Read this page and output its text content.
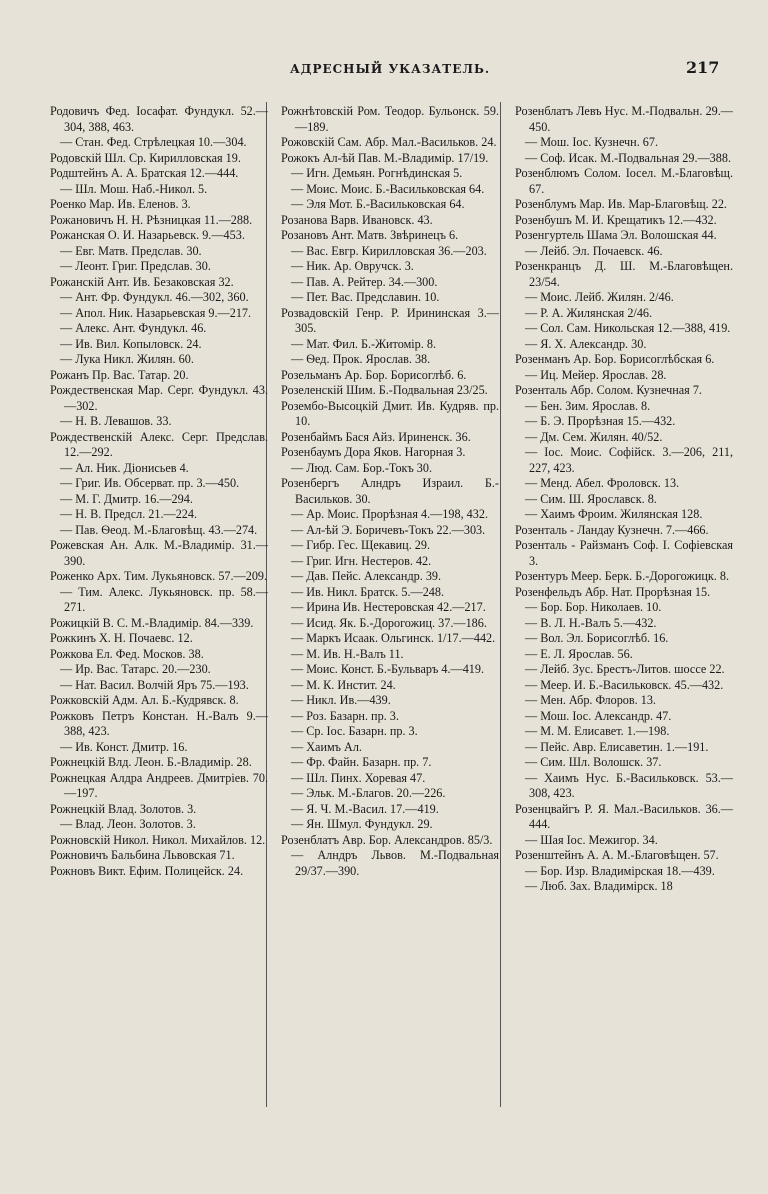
АДРЕСНЫЙ УКАЗАТЕЛЬ.	217
Родовичъ Фед. Iосафат. Фундукл. 52.—304, 388, 463.
— Стан. Фед. Стрѣлецкая 10.—304.
Родовскій Шл. Ср. Кирилловская 19.
Родштейнъ А. А. Братская 12.—444.
— Шл. Мош. Наб.-Никол. 5.
Роенко Мар. Ив. Еленов. 3.
Рожановичъ Н. Н. Рѣзницкая 11.—288.
Рожанская О. И. Назарьевск. 9.—453.
— Евг. Матв. Предслав. 30.
— Леонт. Григ. Предслав. 30.
Рожанскій Ант. Ив. Безаковская 32.
— Ант. Фр. Фундукл. 46.—302, 360.
— Апол. Ник. Назарьевская 9.—217.
— Алекс. Ант. Фундукл. 46.
— Ив. Вил. Копыловск. 24.
— Лука Никл. Жилян. 60.
Рожанъ Пр. Вас. Татар. 20.
Рождественская Мар. Серг. Фундукл. 43.—302.
— Н. В. Левашов. 33.
Рождественскій Алекс. Серг. Предслав. 12.—292.
— Ал. Ник. Діонисьев 4.
— Григ. Ив. Обсерват. пр. 3.—450.
— М. Г. Дмитр. 16.—294.
— Н. В. Предсл. 21.—224.
— Пав. Ѳеод. М.-Благовѣщ. 43.—274.
Рожевская Ан. Алк. М.-Владимір. 31.—390.
Роженко Арх. Тим. Лукьяновск. 57.—209.
— Тим. Алекс. Лукьяновск. пр. 58.—271.
Рожицкій В. С. М.-Владимір. 84.—339.
Рожкинъ Х. Н. Почаевс. 12.
Рожкова Ел. Фед. Москов. 38.
— Ир. Вас. Татарс. 20.—230.
— Нат. Васил. Волчій Яръ 75.—193.
Рожковскій Адм. Ал. Б.-Кудрявск. 8.
Рожковъ Петръ Констан. Н.-Валъ 9.—388, 423.
— Ив. Конст. Дмитр. 16.
Рожнецкій Влд. Леон. Б.-Владимір. 28.
Рожнецкая Алдра Андреев. Дмитріев. 70.—197.
Рожнецкій Влад. Золотов. 3.
— Влад. Леон. Золотов. 3.
Рожновскій Никол. Никол. Михайлов. 12.
Рожновичъ Бальбина Львовская 71.
Рожновъ Викт. Ефим. Полицейск. 24.
Рожнѣтовскій Ром. Теодор. Бульонск. 59.—189.
Рожовскій Сам. Абр. Мал.-Васильков. 24.
Рожокъ Ал-ѣй Пав. М.-Владимір. 17/19.
— Игн. Демьян. Рогнѣдинская 5.
— Моис. Моис. Б.-Васильковская 64.
— Эля Мот. Б.-Васильковская 64.
Розанова Варв. Ивановск. 43.
Розановъ Ант. Матв. Звѣринецъ 6.
— Вас. Евгр. Кирилловская 36.—203.
— Ник. Ар. Овручск. 3.
— Пав. А. Рейтер. 34.—300.
— Пет. Вас. Предславин. 10.
Розвадовскій Генр. Р. Ирининская 3.—305.
— Мат. Фил. Б.-Житомір. 8.
— Ѳед. Прок. Ярослав. 38.
Розельманъ Ар. Бор. Борисоглѣб. 6.
Розеленскій Шим. Б.-Подвальная 23/25.
Розембо-Высоцкій Дмит. Ив. Кудряв. пр. 10.
Розенбаймъ Бася Айз. Ириненск. 36.
Розенбаумъ Дора Яков. Нагорная 3.
— Люд. Сам. Бор.-Токъ 30.
Розенбергъ Алндръ Израил. Б.-Васильков. 30.
— Ар. Моис. Прорѣзная 4.—198, 432.
— Ал-ѣй Э. Боричевъ-Токъ 22.—303.
— Гибр. Гес. Щекавиц. 29.
— Григ. Игн. Нестеров. 42.
— Дав. Пейс. Александр. 39.
— Ив. Никл. Братск. 5.—248.
— Ирина Ив. Нестеровская 42.—217.
— Исид. Як. Б.-Дорогожиц. 37.—186.
— Маркъ Исаак. Ольгинск. 1/17.—442.
— М. Ив. Н.-Валъ 11.
— Моис. Конст. Б.-Бульваръ 4.—419.
— М. К. Инстит. 24.
— Никл. Ив.—439.
— Роз. Базарн. пр. 3.
— Ср. Iос. Базарн. пр. 3.
— Хаимъ Ал.
— Фр. Файн. Базарн. пр. 7.
— Шл. Пинх. Хоревая 47.
— Эльк. М.-Благов. 20.—226.
— Я. Ч. М.-Васил. 17.—419.
— Ян. Шмул. Фундукл. 29.
Розенблатъ Авр. Бор. Александров. 85/3.
— Алндръ Львов. М.-Подвальная 29/37.—390.
Розенблатъ Левъ Нус. М.-Подвальн. 29.—450.
— Мош. Iос. Кузнечн. 67.
— Соф. Исак. М.-Подвальная 29.—388.
Розенблюмъ Солом. Iосел. М.-Благовѣщ. 67.
Розенблумъ Мар. Ив. Мар-Благовѣщ. 22.
Розенбушъ М. И. Крещатикъ 12.—432.
Розенгуртель Шама Эл. Волошская 44.
— Лейб. Эл. Почаевск. 46.
Розенкранцъ Д. Ш. М.-Благовѣщен. 23/54.
— Моис. Лейб. Жилян. 2/46.
— Р. А. Жилянская 2/46.
— Сол. Сам. Никольская 12.—388, 419.
— Я. Х. Александр. 30.
Розенманъ Ар. Бор. Борисоглѣбская 6.
— Иц. Мейер. Ярослав. 28.
Розенталь Абр. Солом. Кузнечная 7.
— Бен. Зим. Ярослав. 8.
— Б. Э. Прорѣзная 15.—432.
— Дм. Сем. Жилян. 40/52.
— Iос. Моис. Софійск. 3.—206, 211, 227, 423.
— Менд. Абел. Фроловск. 13.
— Сим. Ш. Ярославск. 8.
— Хаимъ Фроим. Жилянская 128.
Розенталь - Ландау Кузнечн. 7.—466.
Розенталь - Райзманъ Соф. I. Софіевская 3.
Розентуръ Меер. Берк. Б.-Дорогожицк. 8.
Розенфельдъ Абр. Нат. Прорѣзная 15.
— Бор. Бор. Николаев. 10.
— В. Л. Н.-Валъ 5.—432.
— Вол. Эл. Борисоглѣб. 16.
— Е. Л. Ярослав. 56.
— Лейб. Зус. Брестъ-Литов. шоссе 22.
— Меер. И. Б.-Васильковск. 45.—432.
— Мен. Абр. Флоров. 13.
— Мош. Iос. Александр. 47.
— М. М. Елисавет. 1.—198.
— Пейс. Авр. Елисаветин. 1.—191.
— Сим. Шл. Волошск. 37.
— Хаимъ Нус. Б.-Васильковск. 53.—308, 423.
Розенцвайгъ Р. Я. Мал.-Васильков. 36.—444.
— Шая Iос. Межигор. 34.
Розенштейнъ А. А. М.-Благовѣщен. 57.
— Бор. Изр. Владимірская 18.—439.
— Люб. Зах. Владимірск. 18
